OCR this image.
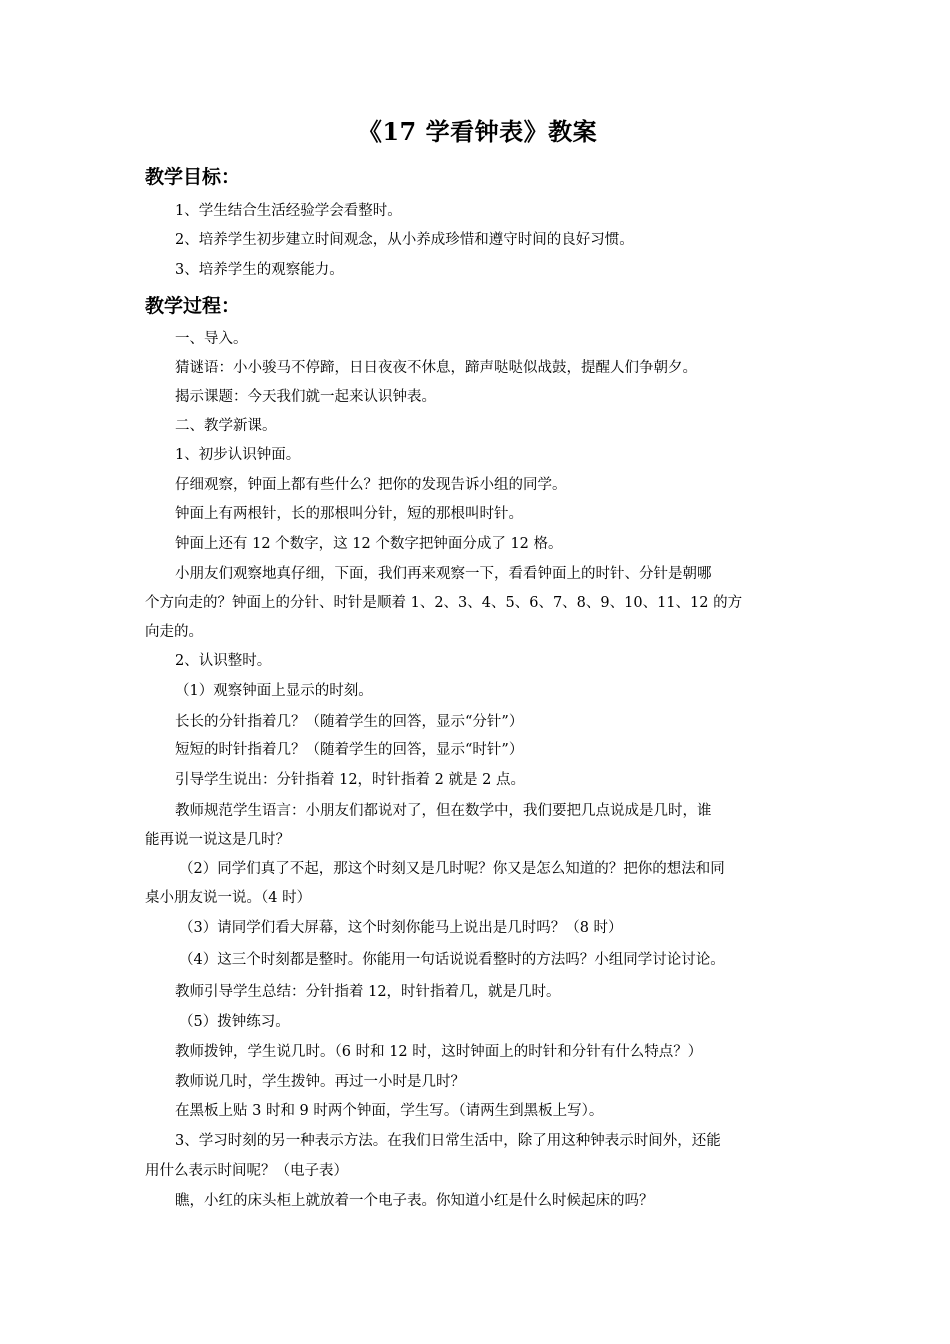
《17 学看钟表》教案
教学目标：
1、学生结合生活经验学会看整时。
2、培养学生初步建立时间观念，从小养成珍惜和遵守时间的良好习惯。
3、培养学生的观察能力。
教学过程：
一、导入。
猜谜语：小小骏马不停蹄，日日夜夜不休息，蹄声哒哒似战鼓，提醒人们争朝夕。
揭示课题：今天我们就一起来认识钟表。
二、教学新课。
1、初步认识钟面。
仔细观察，钟面上都有些什么？把你的发现告诉小组的同学。
钟面上有两根针，长的那根叫分针，短的那根叫时针。
钟面上还有 12 个数字，这 12 个数字把钟面分成了 12 格。
小朋友们观察地真仔细，下面，我们再来观察一下，看看钟面上的时针、分针是朝哪
个方向走的？钟面上的分针、时针是顺着 1、2、3、4、5、6、7、8、9、10、11、12 的方
向走的。
2、认识整时。
（1）观察钟面上显示的时刻。
长长的分针指着几？（随着学生的回答，显示“分针”）
短短的时针指着几？（随着学生的回答，显示“时针”）
引导学生说出：分针指着 12，时针指着 2 就是 2 点。
教师规范学生语言：小朋友们都说对了，但在数学中，我们要把几点说成是几时，谁
能再说一说这是几时？
（2）同学们真了不起，那这个时刻又是几时呢？你又是怎么知道的？把你的想法和同
桌小朋友说一说。（4 时）
（3）请同学们看大屏幕，这个时刻你能马上说出是几时吗？（8 时）
（4）这三个时刻都是整时。你能用一句话说说看整时的方法吗？小组同学讨论讨论。
教师引导学生总结：分针指着 12，时针指着几，就是几时。
（5）拨钟练习。
教师拨钟，学生说几时。（6 时和 12 时，这时钟面上的时针和分针有什么特点？）
教师说几时，学生拨钟。再过一小时是几时？
在黑板上贴 3 时和 9 时两个钟面，学生写。（请两生到黑板上写）。
3、学习时刻的另一种表示方法。在我们日常生活中，除了用这种钟表示时间外，还能
用什么表示时间呢？（电子表）
瞧，小红的床头柜上就放着一个电子表。你知道小红是什么时候起床的吗？
